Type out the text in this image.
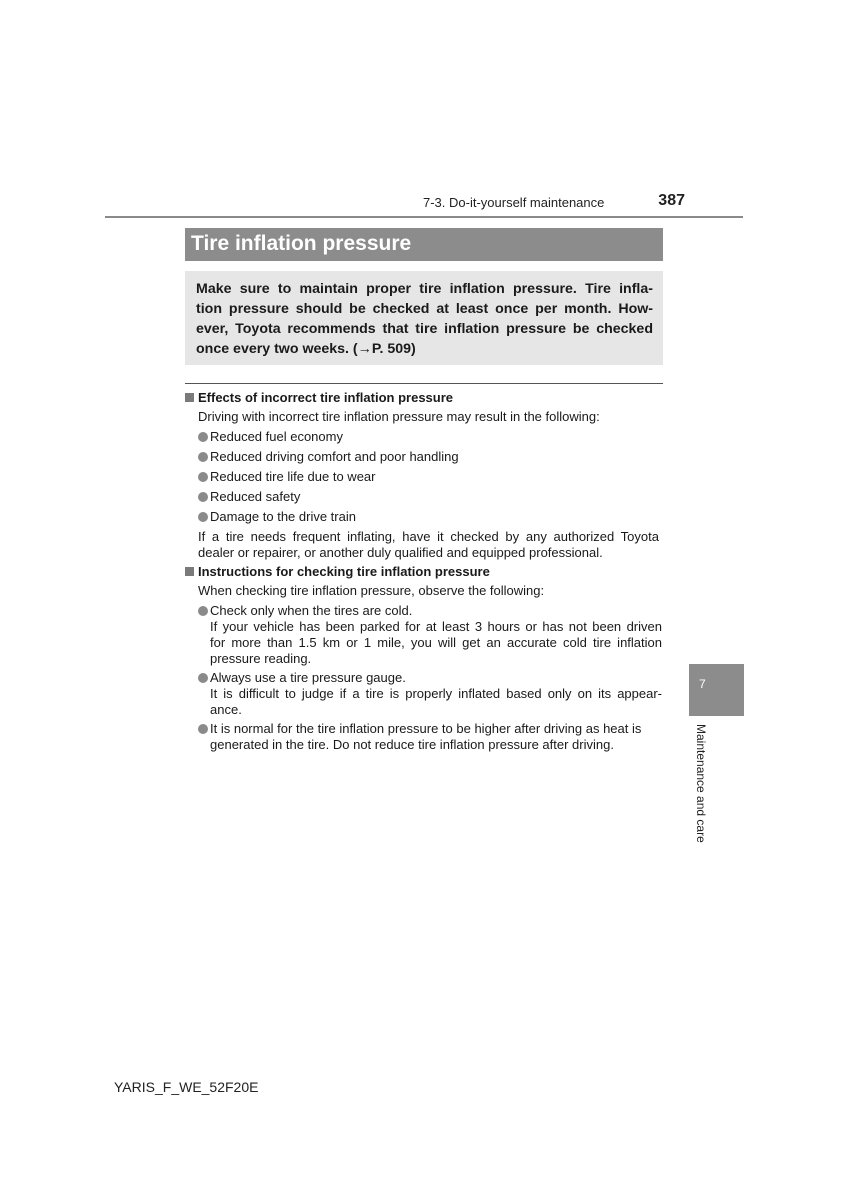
7-3. Do-it-yourself maintenance	387
Tire inflation pressure
Make sure to maintain proper tire inflation pressure. Tire infla-
tion pressure should be checked at least once per month. How-
ever, Toyota recommends that tire inflation pressure be checked
once every two weeks. (→P. 509)
Effects of incorrect tire inflation pressure
Driving with incorrect tire inflation pressure may result in the following:
Reduced fuel economy
Reduced driving comfort and poor handling
Reduced tire life due to wear
Reduced safety
Damage to the drive train
If a tire needs frequent inflating, have it checked by any authorized Toyota
dealer or repairer, or another duly qualified and equipped professional.
Instructions for checking tire inflation pressure
When checking tire inflation pressure, observe the following:
Check only when the tires are cold.
If your vehicle has been parked for at least 3 hours or has not been driven
for more than 1.5 km or 1 mile, you will get an accurate cold tire inflation
pressure reading.
Always use a tire pressure gauge.
It is difficult to judge if a tire is properly inflated based only on its appear-
ance.
It is normal for the tire inflation pressure to be higher after driving as heat is
generated in the tire. Do not reduce tire inflation pressure after driving.
7
Maintenance and care
YARIS_F_WE_52F20E
